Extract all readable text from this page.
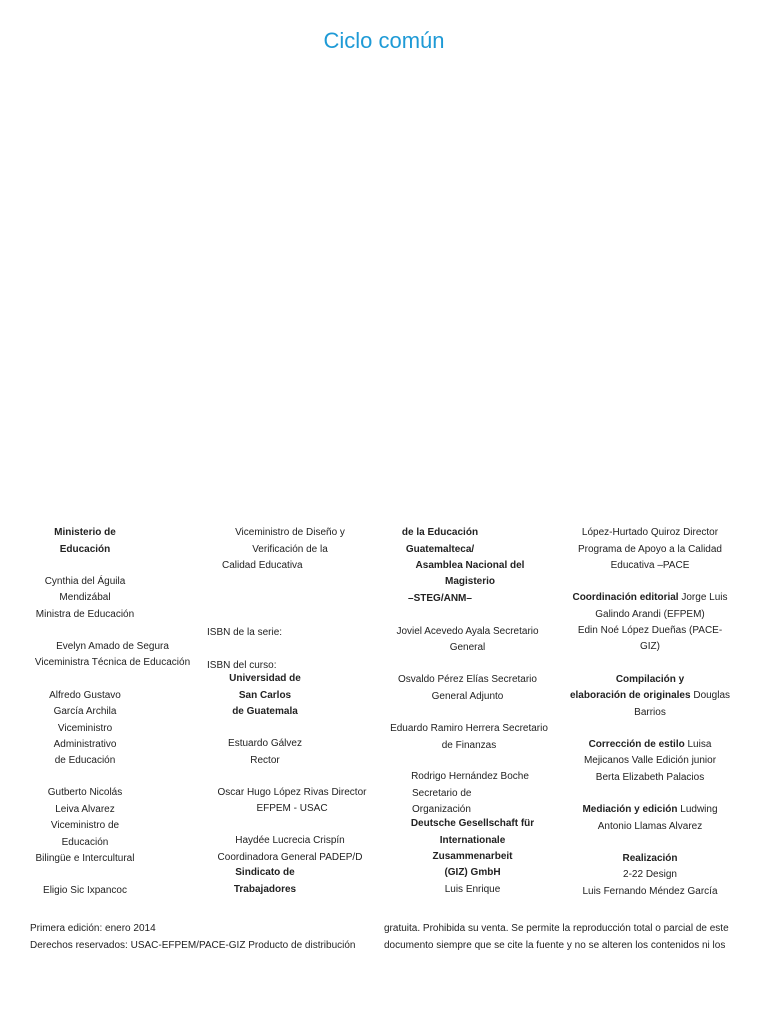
Ciclo común
Ministerio de
Educación
Cynthia del Águila
Mendizábal
Ministra de Educación
Evelyn Amado de Segura
Viceministra Técnica de Educación
Alfredo Gustavo
García Archila
Viceministro
Administrativo
de Educación
Gutberto Nicolás
Leiva Alvarez
Viceministro de
Educación
Bilingüe e Intercultural
Eligio Sic Ixpancoc
Viceministro de Diseño y
Verificación de la
Calidad Educativa
ISBN de la serie:
ISBN del curso:
Universidad de
San Carlos
de Guatemala
Estuardo Gálvez
Rector
Oscar Hugo López Rivas Director
EFPEM - USAC
Haydée Lucrecia Crispín
Coordinadora General PADEP/D
Sindicato de
Trabajadores
de la Educación
Guatemalteca/
Asamblea Nacional del
Magisterio
–STEG/ANM–
Joviel Acevedo Ayala Secretario
General
Osvaldo Pérez Elías Secretario
General Adjunto
Eduardo Ramiro Herrera Secretario
de Finanzas
Rodrigo Hernández Boche
Secretario de
Organización
Deutsche Gesellschaft für
Internationale
Zusammenarbeit
(GIZ) GmbH
Luis Enrique
López-Hurtado Quiroz Director
Programa de Apoyo a la Calidad
Educativa –PACE
Coordinación editorial Jorge Luis
Galindo Arandi (EFPEM)
Edin Noé López Dueñas (PACE-
GIZ)
Compilación y
elaboración de originales Douglas
Barrios
Corrección de estilo Luisa
Mejicanos Valle Edición junior
Berta Elizabeth Palacios
Mediación y edición Ludwing
Antonio Llamas Alvarez
Realización
2-22 Design
Luis Fernando Méndez García
Primera edición: enero 2014
Derechos reservados: USAC-EFPEM/PACE-GIZ Producto de distribución
gratuita. Prohibida su venta. Se permite la reproducción total o parcial de este
documento siempre que se cite la fuente y no se alteren los contenidos ni los
